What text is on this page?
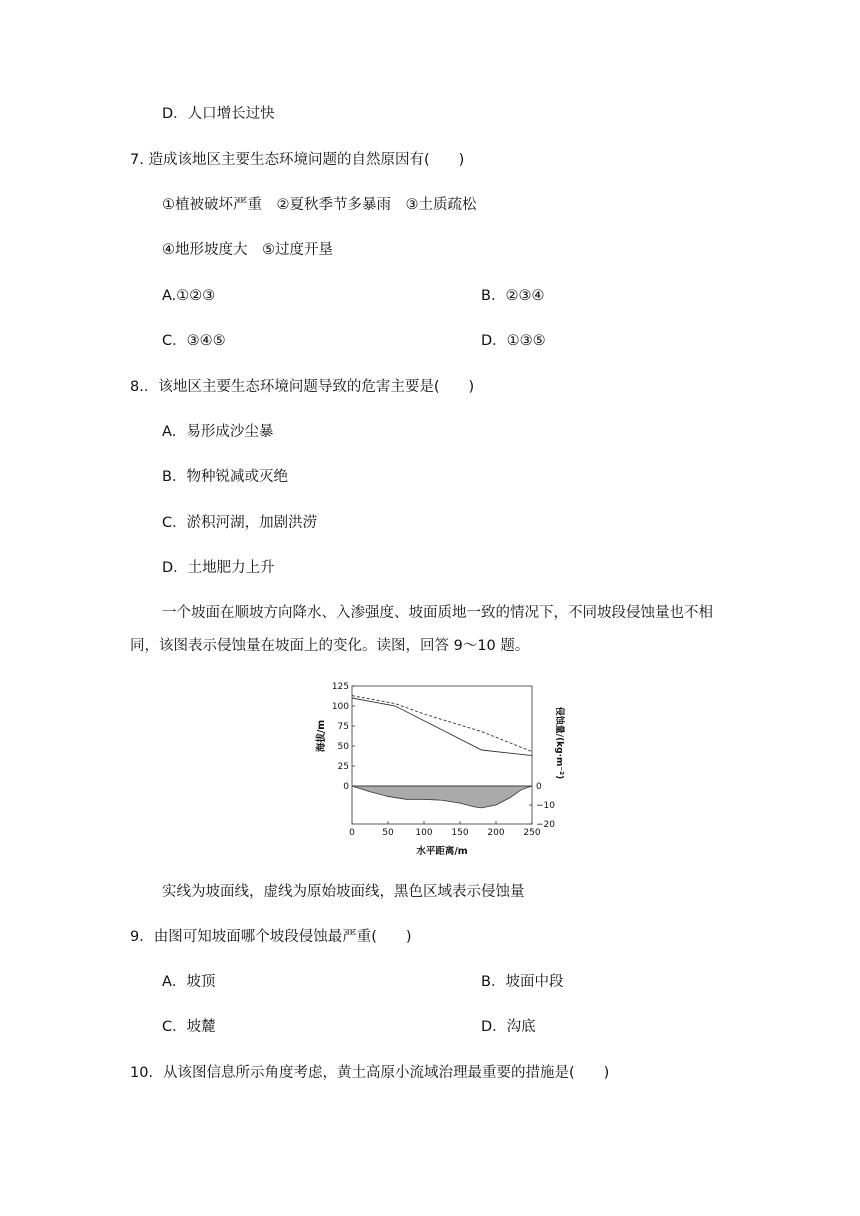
D．人口增长过快
7. 造成该地区主要生态环境问题的自然原因有(　　)
①植被破坏严重　②夏秋季节多暴雨　③土质疏松
④地形坡度大　⑤过度开垦
A.①②③	B．②③④
C．③④⑤	D．①③⑤
8.．该地区主要生态环境问题导致的危害主要是(　　)
A．易形成沙尘暴
B．物种锐减或灭绝
C．淤积河湖，加剧洪涝
D．土地肥力上升
一个坡面在顺坡方向降水、入渗强度、坡面质地一致的情况下，不同坡段侵蚀量也不相同，该图表示侵蚀量在坡面上的变化。读图，回答 9～10 题。
0	50 100 150 200 250
0
25
50
75
100
125
0
−10
−20
水平距离/m
海拔/m	侵蚀量/(kg·m⁻²)
实线为坡面线，虚线为原始坡面线，黑色区域表示侵蚀量
9．由图可知坡面哪个坡段侵蚀最严重(　　)
A．坡顶	B．坡面中段
C．坡麓	D．沟底
10．从该图信息所示角度考虑，黄土高原小流域治理最重要的措施是(　　)
